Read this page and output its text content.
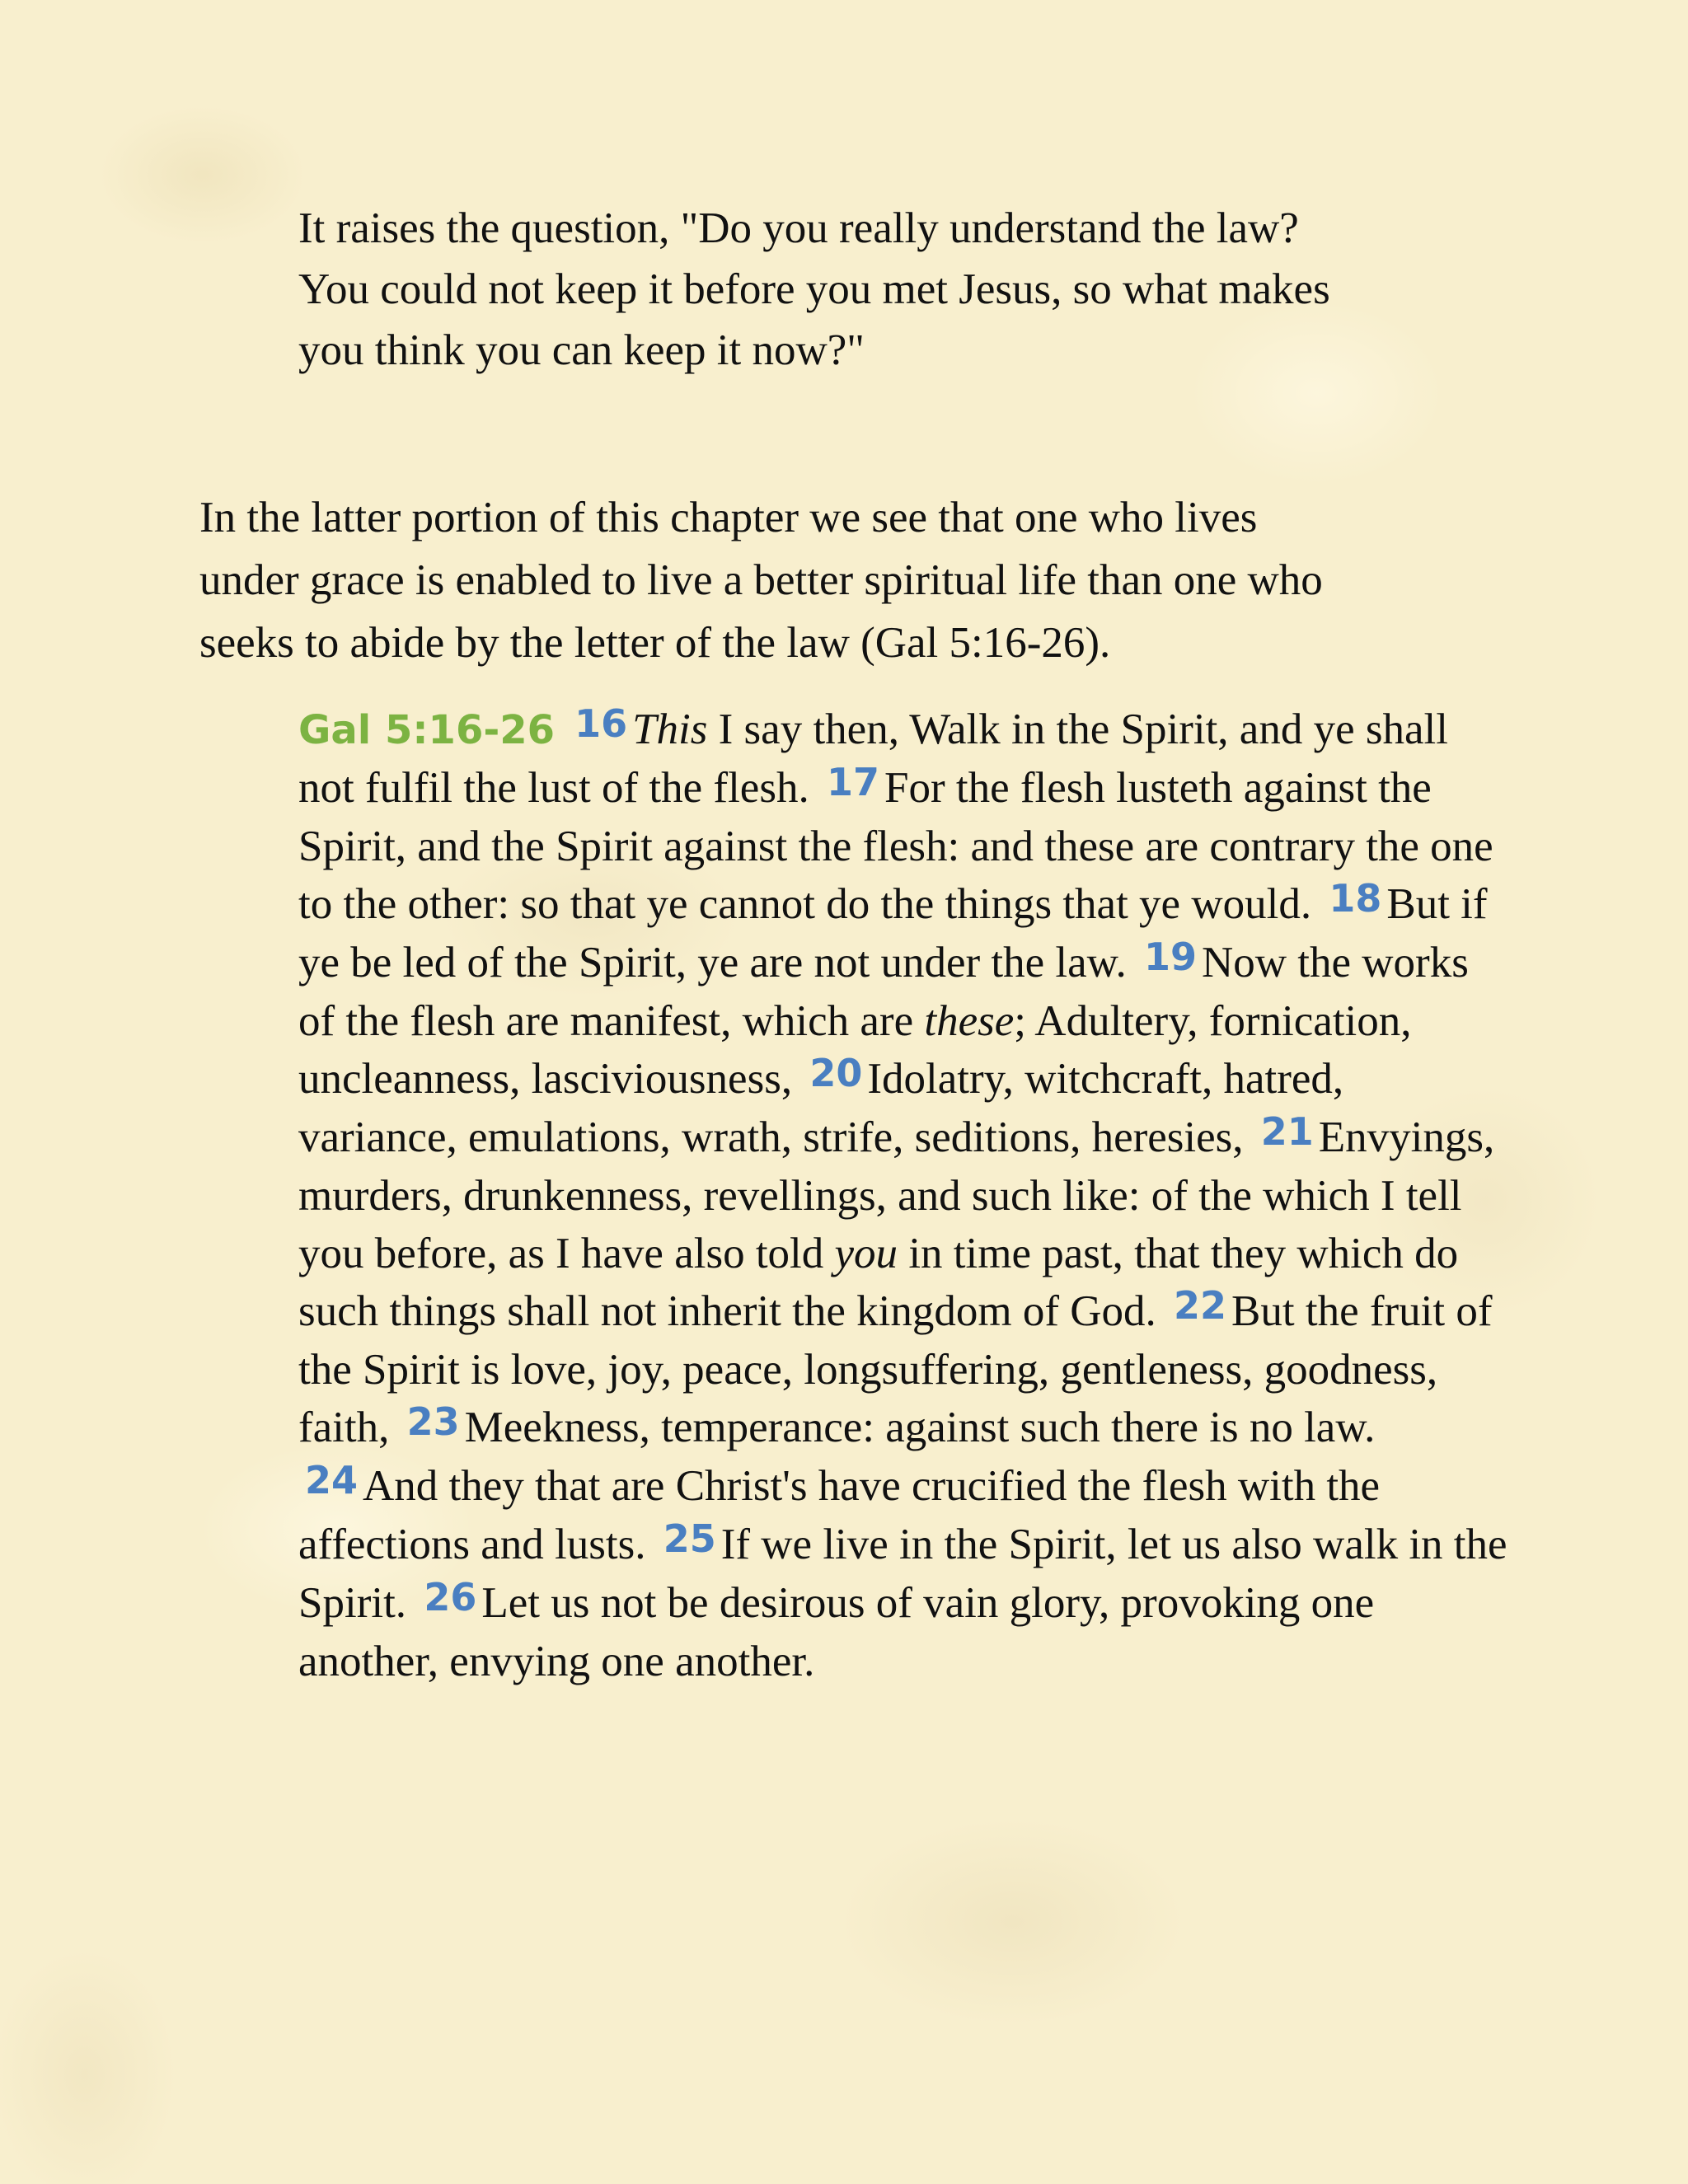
It raises the question, "Do you really understand the law?
You could not keep it before you met Jesus, so what makes
you think you can keep it now?"
In the latter portion of this chapter we see that one who lives
under grace is enabled to live a better spiritual life than one who
seeks to abide by the letter of the law (Gal 5:16-26).
Gal 5:16-26 16 This I say then, Walk in the Spirit, and ye shall not fulfil the lust of the flesh. 17 For the flesh lusteth against the Spirit, and the Spirit against the flesh: and these are contrary the one to the other: so that ye cannot do the things that ye would. 18 But if ye be led of the Spirit, ye are not under the law. 19 Now the works of the flesh are manifest, which are these; Adultery, fornication, uncleanness, lasciviousness, 20 Idolatry, witchcraft, hatred, variance, emulations, wrath, strife, seditions, heresies, 21 Envyings, murders, drunkenness, revellings, and such like: of the which I tell you before, as I have also told you in time past, that they which do such things shall not inherit the kingdom of God. 22 But the fruit of the Spirit is love, joy, peace, longsuffering, gentleness, goodness, faith, 23 Meekness, temperance: against such there is no law. 24 And they that are Christ's have crucified the flesh with the affections and lusts. 25 If we live in the Spirit, let us also walk in the Spirit. 26 Let us not be desirous of vain glory, provoking one another, envying one another.
